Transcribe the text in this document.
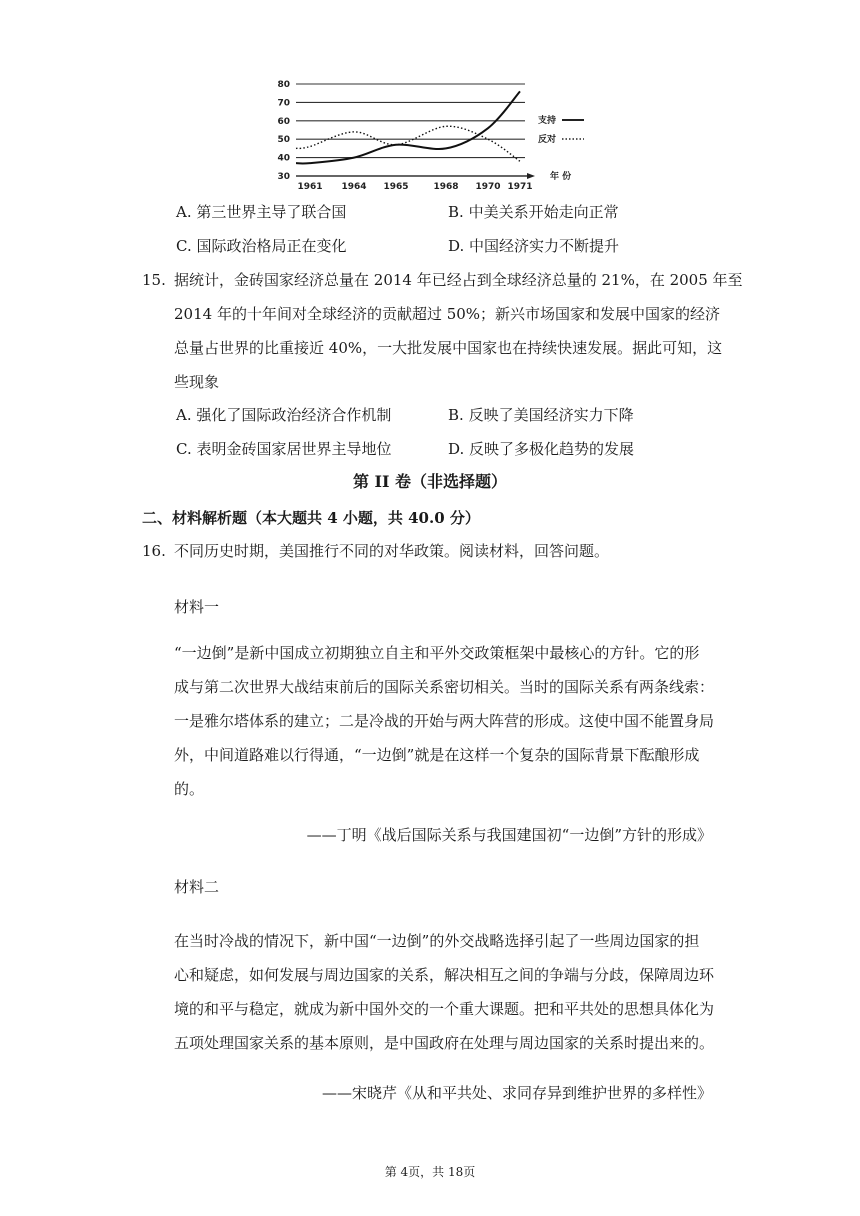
80
70
60
50
40
30
1961 1964 1965	1968 1970 1971
支持
反对
年 份
A. 第三世界主导了联合国	B. 中美关系开始走向正常
C. 国际政治格局正在变化	D. 中国经济实力不断提升
15. 据统计，金砖国家经济总量在 2014 年已经占到全球经济总量的 21%，在 2005 年至
2014 年的十年间对全球经济的贡献超过 50%；新兴市场国家和发展中国家的经济
总量占世界的比重接近 40%，一大批发展中国家也在持续快速发展。据此可知，这
些现象
A. 强化了国际政治经济合作机制	B. 反映了美国经济实力下降
C. 表明金砖国家居世界主导地位	D. 反映了多极化趋势的发展
第 II 卷（非选择题）
二、材料解析题（本大题共 4 小题，共 40.0 分）
16. 不同历史时期，美国推行不同的对华政策。阅读材料，回答问题。
材料一
“一边倒”是新中国成立初期独立自主和平外交政策框架中最核心的方针。它的形
成与第二次世界大战结束前后的国际关系密切相关。当时的国际关系有两条线索：
一是雅尔塔体系的建立；二是冷战的开始与两大阵营的形成。这使中国不能置身局
外，中间道路难以行得通，“一边倒”就是在这样一个复杂的国际背景下酝酿形成
的。
——丁明《战后国际关系与我国建国初“一边倒”方针的形成》
材料二
在当时冷战的情况下，新中国“一边倒”的外交战略选择引起了一些周边国家的担
心和疑虑，如何发展与周边国家的关系，解决相互之间的争端与分歧，保障周边环
境的和平与稳定，就成为新中国外交的一个重大课题。把和平共处的思想具体化为
五项处理国家关系的基本原则，是中国政府在处理与周边国家的关系时提出来的。
——宋晓芹《从和平共处、求同存异到维护世界的多样性》
第 4页，共 18页
